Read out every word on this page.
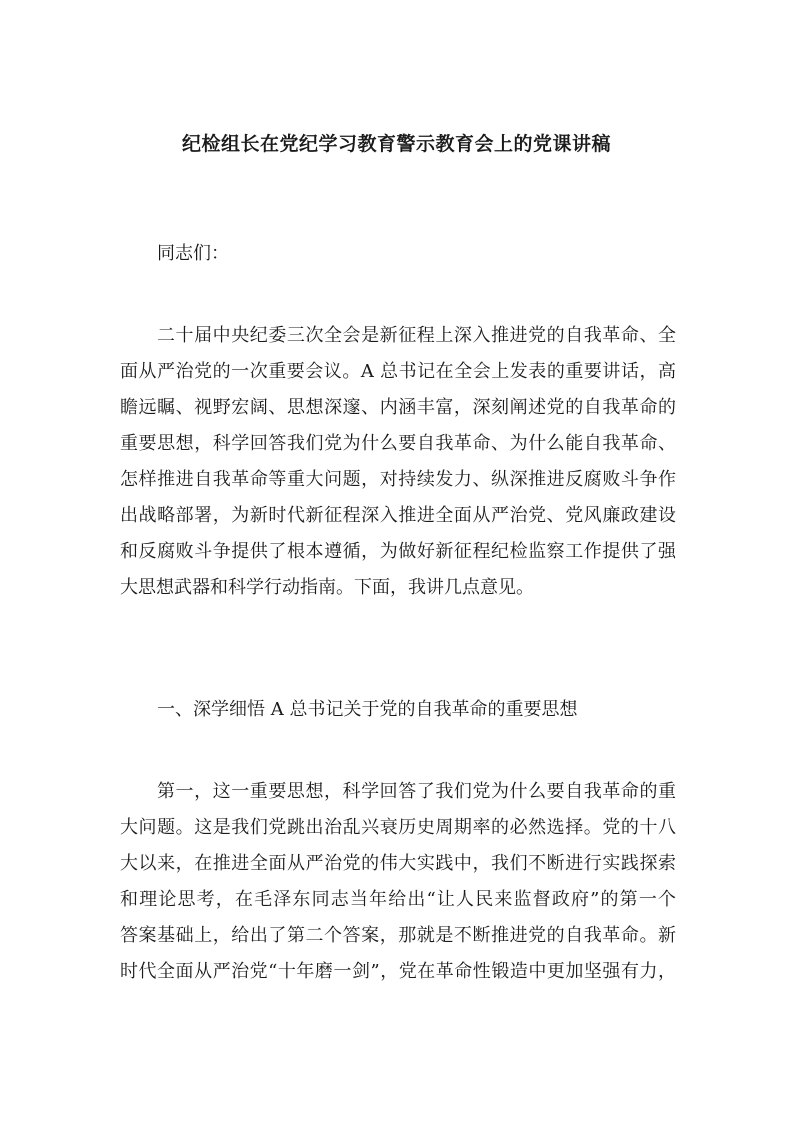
纪检组长在党纪学习教育警示教育会上的党课讲稿
同志们：
二十届中央纪委三次全会是新征程上深入推进党的自我革命、全
面从严治党的一次重要会议。A 总书记在全会上发表的重要讲话，高
瞻远瞩、视野宏阔、思想深邃、内涵丰富，深刻阐述党的自我革命的
重要思想，科学回答我们党为什么要自我革命、为什么能自我革命、
怎样推进自我革命等重大问题，对持续发力、纵深推进反腐败斗争作
出战略部署，为新时代新征程深入推进全面从严治党、党风廉政建设
和反腐败斗争提供了根本遵循，为做好新征程纪检监察工作提供了强
大思想武器和科学行动指南。下面，我讲几点意见。
一、深学细悟 A 总书记关于党的自我革命的重要思想
第一，这一重要思想，科学回答了我们党为什么要自我革命的重
大问题。这是我们党跳出治乱兴衰历史周期率的必然选择。党的十八
大以来，在推进全面从严治党的伟大实践中，我们不断进行实践探索
和理论思考，在毛泽东同志当年给出“让人民来监督政府”的第一个
答案基础上，给出了第二个答案，那就是不断推进党的自我革命。新
时代全面从严治党“十年磨一剑”，党在革命性锻造中更加坚强有力，
